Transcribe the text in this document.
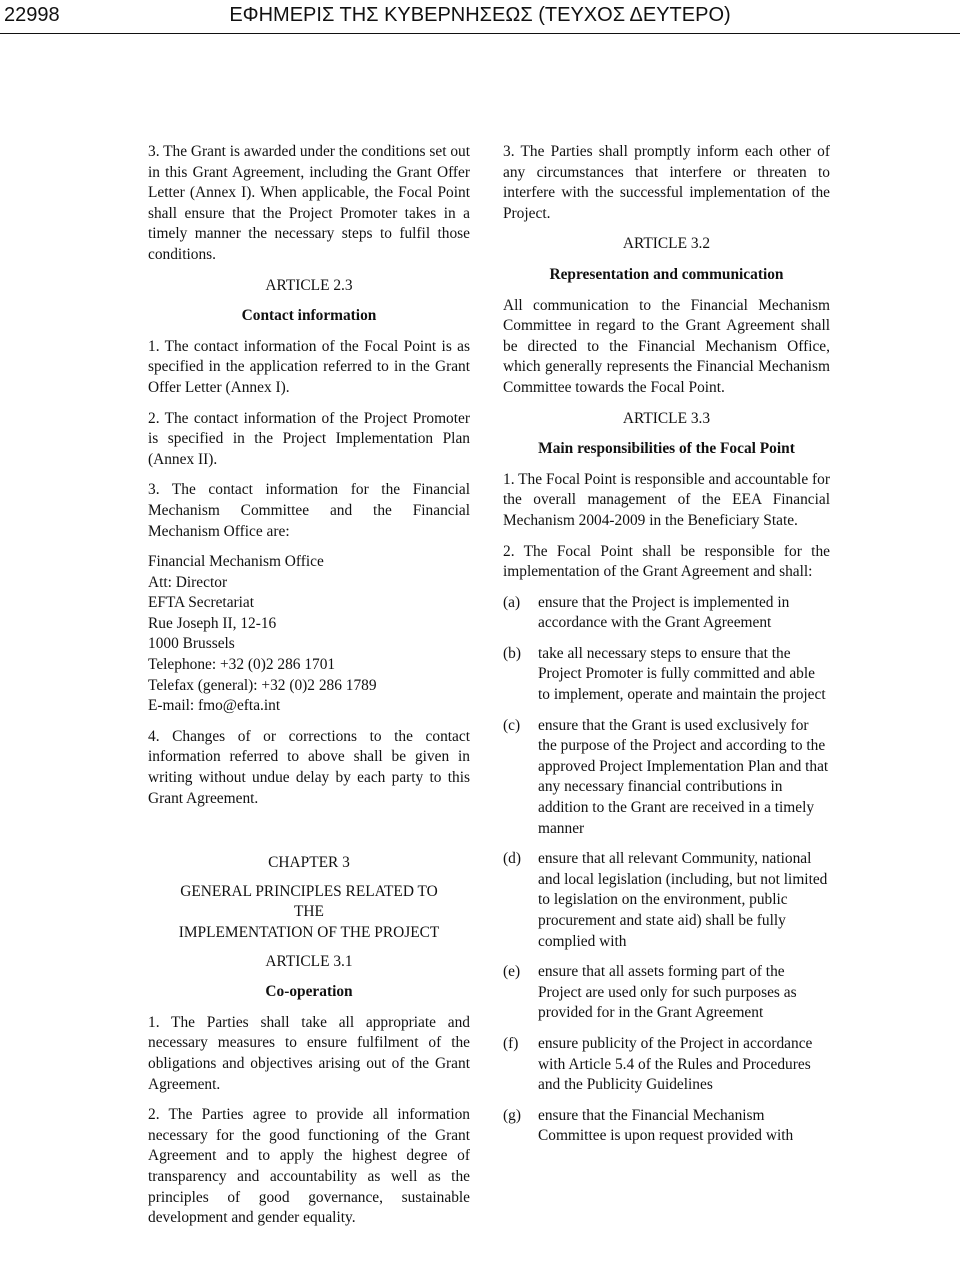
22998	ΕΦΗΜΕΡΙΣ ΤΗΣ ΚΥΒΕΡΝΗΣΕΩΣ (ΤΕΥΧΟΣ ΔΕΥΤΕΡΟ)

3. The Grant is awarded under the conditions set out in this Grant Agreement, including the Grant Offer Letter (Annex I). When applicable, the Focal Point shall ensure that the Project Promoter takes in a timely manner the necessary steps to fulfil those conditions.

ARTICLE 2.3

Contact information

1. The contact information of the Focal Point is as specified in the application referred to in the Grant Offer Letter (Annex I).

2. The contact information of the Project Promoter is specified in the Project Implementation Plan (Annex II).

3. The contact information for the Financial Mechanism Committee and the Financial Mechanism Office are:

Financial Mechanism Office

Att: Director

EFTA Secretariat

Rue Joseph II, 12-16

1000 Brussels

Telephone: +32 (0)2 286 1701

Telefax (general): +32 (0)2 286 1789

E-mail: fmo@efta.int

4. Changes of or corrections to the contact information referred to above shall be given in writing without undue delay by each party to this Grant Agreement.

CHAPTER 3

GENERAL PRINCIPLES RELATED TO

THE

IMPLEMENTATION OF THE PROJECT

ARTICLE 3.1

Co-operation

1. The Parties shall take all appropriate and necessary measures to ensure fulfilment of the obligations and objectives arising out of the Grant Agreement.

2. The Parties agree to provide all information necessary for the good functioning of the Grant Agreement and to apply the highest degree of transparency and accountability as well as the principles of good governance, sustainable development and gender equality.

3. The Parties shall promptly inform each other of any circumstances that interfere or threaten to interfere with the successful implementation of the Project.

ARTICLE 3.2

Representation and communication

All communication to the Financial Mechanism Committee in regard to the Grant Agreement shall be directed to the Financial Mechanism Office, which generally represents the Financial Mechanism Committee towards the Focal Point.

ARTICLE 3.3

Main responsibilities of the Focal Point

1. The Focal Point is responsible and accountable for the overall management of the EEA Financial Mechanism 2004-2009 in the Beneficiary State.

2. The Focal Point shall be responsible for the implementation of the Grant Agreement and shall:

(a)	ensure that the Project is implemented in accordance with the Grant Agreement
(b)	take all necessary steps to ensure that the Project Promoter is fully committed and able to implement, operate and maintain the project
(c)	ensure that the Grant is used exclusively for the purpose of the Project and according to the approved Project Implementation Plan and that any necessary financial contributions in addition to the Grant are received in a timely manner
(d)	ensure that all relevant Community, national and local legislation (including, but not limited to legislation on the environment, public procurement and state aid) shall be fully complied with
(e)	ensure that all assets forming part of the Project are used only for such purposes as provided for in the Grant Agreement
(f)	ensure publicity of the Project in accordance with Article 5.4 of the Rules and Procedures and the Publicity Guidelines
(g)	ensure that the Financial Mechanism Committee is upon request provided with
